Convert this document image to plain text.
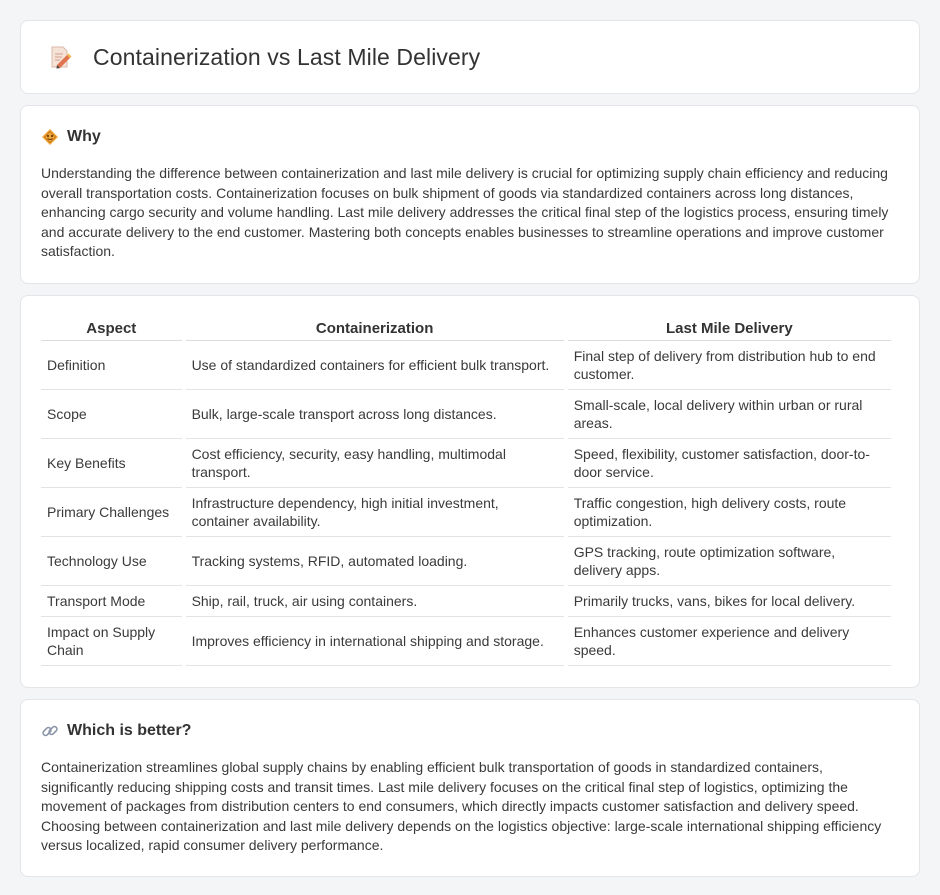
Containerization vs Last Mile Delivery
Why

Understanding the difference between containerization and last mile delivery is crucial for optimizing supply chain efficiency and reducing overall transportation costs. Containerization focuses on bulk shipment of goods via standardized containers across long distances, enhancing cargo security and volume handling. Last mile delivery addresses the critical final step of the logistics process, ensuring timely and accurate delivery to the end customer. Mastering both concepts enables businesses to streamline operations and improve customer satisfaction.

Aspect	Containerization	Last Mile Delivery
Definition	Use of standardized containers for efficient bulk transport.	Final step of delivery from distribution hub to end customer.
Scope	Bulk, large-scale transport across long distances.	Small-scale, local delivery within urban or rural areas.
Key Benefits	Cost efficiency, security, easy handling, multimodal transport.	Speed, flexibility, customer satisfaction, door-to-door service.
Primary Challenges	Infrastructure dependency, high initial investment, container availability.	Traffic congestion, high delivery costs, route optimization.
Technology Use	Tracking systems, RFID, automated loading.	GPS tracking, route optimization software, delivery apps.
Transport Mode	Ship, rail, truck, air using containers.	Primarily trucks, vans, bikes for local delivery.
Impact on Supply Chain	Improves efficiency in international shipping and storage.	Enhances customer experience and delivery speed.
Which is better?

Containerization streamlines global supply chains by enabling efficient bulk transportation of goods in standardized containers, significantly reducing shipping costs and transit times. Last mile delivery focuses on the critical final step of logistics, optimizing the movement of packages from distribution centers to end consumers, which directly impacts customer satisfaction and delivery speed. Choosing between containerization and last mile delivery depends on the logistics objective: large-scale international shipping efficiency versus localized, rapid consumer delivery performance.
